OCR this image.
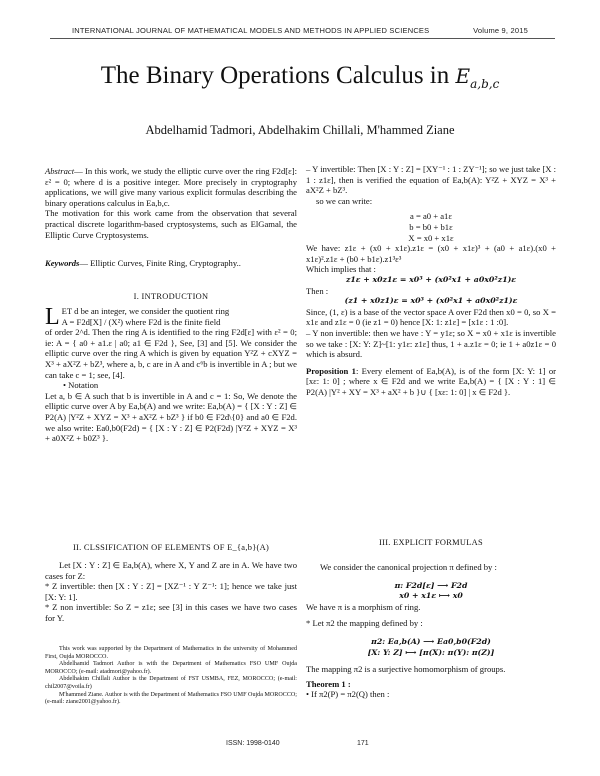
INTERNATIONAL JOURNAL OF MATHEMATICAL MODELS AND METHODS IN APPLIED SCIENCES	Volume 9, 2015
The Binary Operations Calculus in $E_{a,b,c}$
Abdelhamid Tadmori, Abdelhakim Chillali, M'hammed Ziane

Abstract— In this work, we study the elliptic curve over the ring F2d[ε]: ε² = 0; where d is a positive integer. More precisely in cryptography applications, we will give many various explicit formulas describing the binary operations calculus in Ea,b,c.

The motivation for this work came from the observation that several practical discrete logarithm-based cryptosystems, such as ElGamal, the Elliptic Curve Cryptosystems.

Keywords— Elliptic Curves, Finite Ring, Cryptography..

I. INTRODUCTION

LET d be an integer, we consider the quotient ring

A = F2d[X] / (X²) where F2d is the finite field

of order 2^d. Then the ring A is identified to the ring F2d[ε] with ε² = 0; ie: A = { a0 + a1.ε | a0; a1 ∈ F2d }, See, [3] and [5]. We consider the elliptic curve over the ring A which is given by equation Y²Z + cXYZ = X³ + aX²Z + bZ³, where a, b, c are in A and c⁶b is invertible in A ; but we can take c = 1; see, [4].

• Notation

Let a, b ∈ A such that b is invertible in A and c = 1: So, We denote the elliptic curve over A by Ea,b(A) and we write: Ea,b(A) = { [X : Y : Z] ∈ P2(A) |Y²Z + XYZ = X³ + aX²Z + bZ³ } if b0 ∈ F2d\{0} and a0 ∈ F2d. we also write: Ea0,b0(F2d) = { [X : Y : Z] ∈ P2(F2d) |Y²Z + XYZ = X³ + a0X²Z + b0Z³ }.

II. CLSSIFICATION OF ELEMENTS OF E_{a,b}(A)

Let [X : Y : Z] ∈ Ea,b(A), where X, Y and Z are in A. We have two cases for Z:

* Z invertible: then [X : Y : Z] = [XZ⁻¹ : Y Z⁻¹: 1]; hence we take just [X: Y: 1].

* Z non invertible: So Z = z1ε; see [3] in this cases we have two cases for Y.

This work was supported by the Department of Mathematics in the university of Mohammed First, Oujda MOROCCO.

Abdelhamid Tadmori Author is with the Department of Mathematics FSO UMF Oujda MOROCCO; (e-mail: atadmori@yahoo.fr).

Abdelhakim Chillali Author is the Department of FST USMBA, FEZ, MOROCCO; (e-mail: chil2007@voila.fr)

M'hammed Ziane. Author is with the Department of Mathematics FSO UMF Oujda MOROCCO; (e-mail: ziane2001@yahoo.fr).

– Y invertible: Then [X : Y : Z] = [XY⁻¹ : 1 : ZY⁻¹]; so we just take [X : 1 : z1ε], then is verified the equation of Ea,b(A): Y²Z + XYZ = X³ + aX²Z + bZ³.

so we can write:

a = a0 + a1ε

b = b0 + b1ε

X = x0 + x1ε

We have: z1ε + (x0 + x1ε).z1ε = (x0 + x1ε)³ + (a0 + a1ε).(x0 + x1ε)².z1ε + (b0 + b1ε).z1³ε³

Which implies that :

z1ε + x0z1ε = x0³ + (x0²x1 + a0x0²z1)ε

Then :

(z1 + x0z1)ε = x0³ + (x0²x1 + a0x0²z1)ε

Since, (1, ε) is a base of the vector space A over F2d then x0 = 0, so X = x1ε and z1ε = 0 (ie z1 = 0) hence [X: 1: z1ε] = [x1ε : 1 :0].

– Y non invertible: then we have : Y = y1ε; so X = x0 + x1ε is invertible so we take : [X: Y: Z]~[1: y1ε: z1ε] thus, 1 + a.z1ε = 0; ie 1 + a0z1ε = 0 which is absurd.

Proposition 1: Every element of Ea,b(A), is of the form [X: Y: 1] or [xε: 1: 0] ; where x ∈ F2d and we write Ea,b(A) = { [X : Y : 1] ∈ P2(A) |Y² + XY = X³ + aX² + b }∪ { [xε: 1: 0] | x ∈ F2d }.

III. EXPLICIT FORMULAS

We consider the canonical projection π defined by :

π: F2d[ε] ⟶ F2d

x0 + x1ε ⟼ x0

We have π is a morphism of ring.

* Let π2 the mapping defined by :

π2: Ea,b(A) ⟶ Ea0,b0(F2d)

[X: Y: Z] ⟼ [π(X): π(Y): π(Z)]

The mapping π2 is a surjective homomorphism of groups.

Theorem 1 :

• If π2(P) = π2(Q) then :

ISSN: 1998-0140	171
